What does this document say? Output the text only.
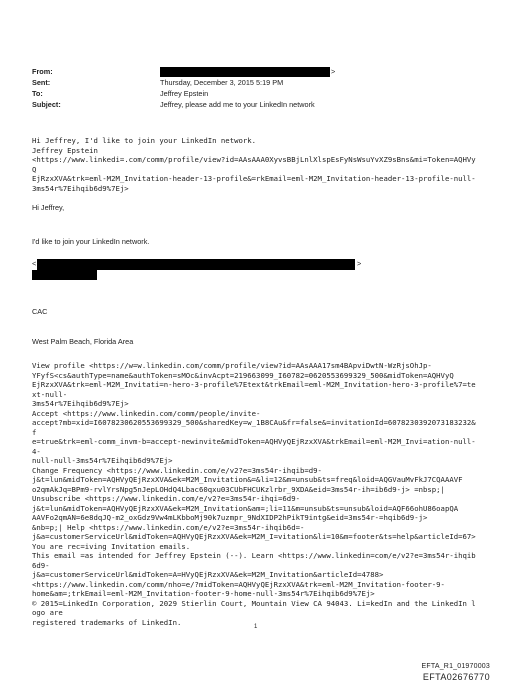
From:	>
Sent:	Thursday, December 3, 2015 5:19 PM
To:	Jeffrey Epstein
Subject:	Jeffrey, please add me to your LinkedIn network
Hi Jeffrey, I'd like to join your LinkedIn network.
Jeffrey Epstein
<https://www.linkedi=.com/comm/profile/view?id=AAsAAA0XyvsBBjLnlXlspEsFyNsWsuYvXZ9sBns&mi=Token=AQHVyQ
EjRzxXVA&trk=eml-M2M_Invitation-header-13-profile&=rkEmail=eml-M2M_Invitation-header-13-profile-null-
3ms54r%7Eihqib6d9%7Ej>
Hi Jeffrey,
I'd like to join your LinkedIn network.
<	>
CAC
West Palm Beach, Florida Area
View profile <https://w=w.linkedin.com/comm/profile/view?id=AAsAAA17sm4BApviDwtN-WzRjsOhJp-
YFyfS<cs&authType=name&authToken=sMOc&invAcpt=219663099_I60782=0620553699329_500&midToken=AQHVyQ
EjRzxXVA&trk=eml-M2M_Invitati=n-hero-3-profile%7Etext&trkEmail=eml-M2M_Invitation-hero-3-profile%7=text-null-
3ms54r%7Eihqib6d9%7Ej>
Accept <https://www.linkedin.com/comm/people/invite-
accept?mb=xid=I6078230620553699329_500&sharedKey=w_1B8CAu&fr=false&=invitationId=6078230392073183232&f
e=true&trk=eml-comm_invm-b=accept-newinvite&midToken=AQHVyQEjRzxXVA&trkEmail=eml-M2M_Invi=ation-null-4-
null-null-3ms54r%7Eihqib6d9%7Ej>
Change Frequency <https://www.linkedin.com/e/v2?e=3ms54r-ihqib=d9-
j&t=lun&midToken=AQHVyQEjRzxXVA&ek=M2M_Invitation&=&li=12&m=unsub&ts=freq&loid=AQGVauMvFkJ7CQAAAVF
o2qmAkJq=BPm9-rvlYrsNpg5nJepLOHdQ4Lbac60qxu03CUbFHCUKzlrbr_9XDA&eid=3ms54r-ih=ib6d9-j> =nbsp;|
Unsubscribe <https://www.linkedin.com/e/v2?e=3ms54r-ihqi=6d9-
j&t=lun&midToken=AQHVyQEjRzxXVA&ek=M2M_Invitation&am=;li=11&m=unsub&ts=unsub&loid=AQF66ohU86oapQA
AAVFo2qmAN=6e8dqJQ-m2_oxGdz9Vw4mLKbboMj90k7uzmpr_9NdXIDP2hPikT9intg&eid=3ms54r-=hqib6d9-j>
&nb=p;| Help <https://www.linkedin.com/e/v2?e=3ms54r-ihqib6d=-
j&a=customerServiceUrl&midToken=AQHVyQEjRzxXVA&ek=M2M_I=vitation&li=10&m=footer&ts=help&articleId=67>
You are rec=iving Invitation emails.
This email =as intended for Jeffrey Epstein (--). Learn <https://www.linkedin=com/e/v2?e=3ms54r-ihqib6d9-
j&a=customerServiceUrl&midToken=A=HVyQEjRzxXVA&ek=M2M_Invitation&articleId=4788>
<https://www.linkedin.com/comm/nho=e/?midToken=AQHVyQEjRzxXVA&trk=eml-M2M_Invitation-footer-9-
home&am=;trkEmail=eml-M2M_Invitation-footer-9-home-null-3ms54r%7Eihqib6d9%7Ej>
© 2015=LinkedIn Corporation, 2029 Stierlin Court, Mountain View CA 94043. Li=kedIn and the LinkedIn logo are
registered trademarks of LinkedIn.
1
EFTA_R1_01970003
EFTA02676770
